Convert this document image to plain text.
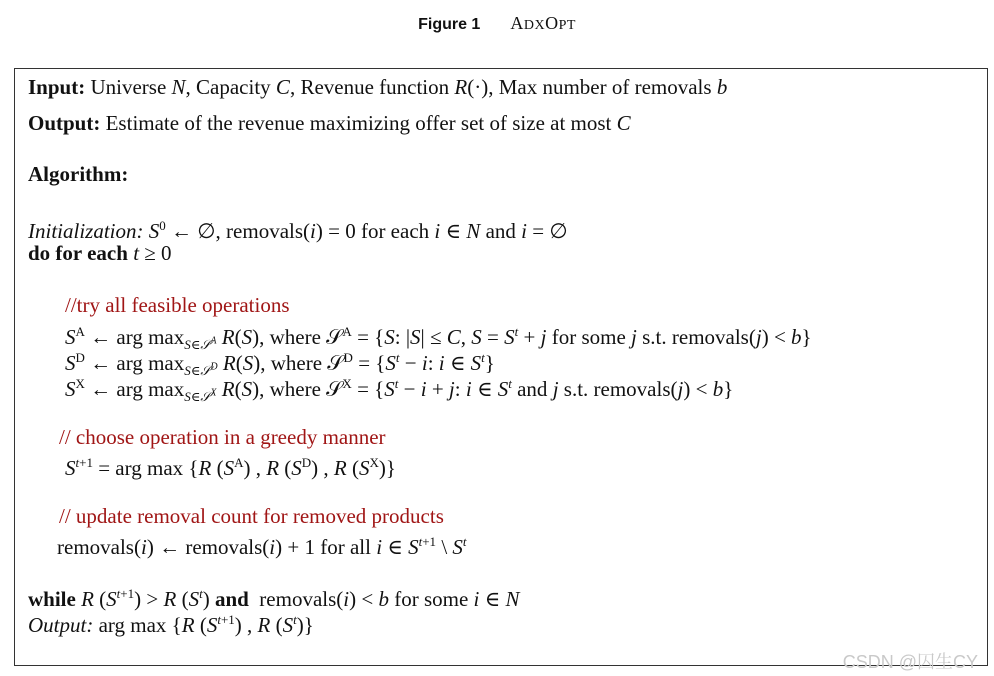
Figure 1 ADXOPT
Input: Universe N, Capacity C, Revenue function R(·), Max number of removals b
Output: Estimate of the revenue maximizing offer set of size at most C
Algorithm:
Initialization: $S^0$ ← ∅, removals(i) = 0 for each i ∈ N and i = ∅
do for each t ≥ 0
//try all feasible operations
$S^A$ ← arg $\max_{S\in 𝒮^A} R(S)$, where 𝒮$^A$ = {S: |S| ≤ C, $S = S^t + j$ for some j s.t. removals(j) < b}
$S^D$ ← arg $\max_{S\in 𝒮^D} R(S)$, where 𝒮$^D$ = {$S^t - i$: i ∈ $S^t$}
$S^X$ ← arg $\max_{S\in 𝒮^X} R(S)$, where 𝒮$^X$ = {$S^t - i + j$: i ∈ $S^t$ and j s.t. removals(j) < b}
// choose operation in a greedy manner
$S^{t+1}$ = arg max {R $(S^A)$ , R $(S^D)$ , R $(S^X)$}
// update removal count for removed products
removals(i) ← removals(i) + 1 for all i ∈ $S^{t+1}$ \ $S^t$
while R $(S^{t+1}) > R$ $(S^t)$ and  removals(i) < b for some i ∈ N
Output: arg max {R $(S^{t+1})$ , R $(S^t)$}
CSDN @囚生CY
